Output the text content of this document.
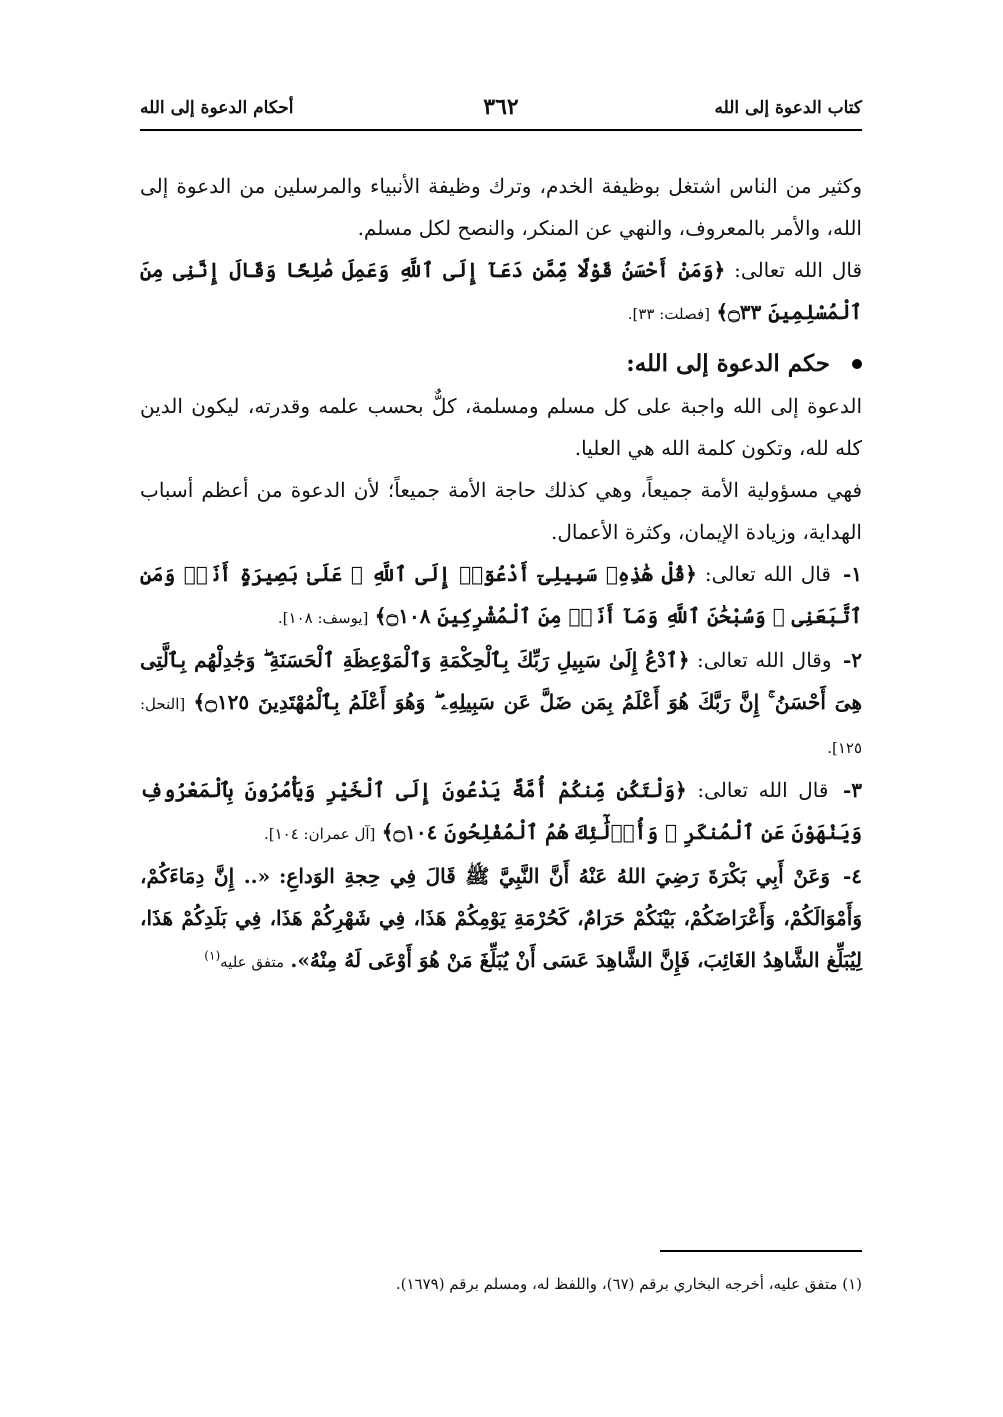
كتاب الدعوة إلى الله
٣٦٢
أحكام الدعوة إلى الله

وكثير من الناس اشتغل بوظيفة الخدم، وترك وظيفة الأنبياء والمرسلين من الدعوة إلى الله، والأمر بالمعروف، والنهي عن المنكر، والنصح لكل مسلم.

قال الله تعالى: ﴿وَمَنْ أَحْسَنُ قَوْلًا مِّمَّن دَعَآ إِلَى ٱللَّهِ وَعَمِلَ صَٰلِحًا وَقَالَ إِنَّنِى مِنَ ٱلْمُسْلِمِينَ ۝٣٣﴾ [فصلت: ٣٣].

حكم الدعوة إلى الله:

الدعوة إلى الله واجبة على كل مسلم ومسلمة، كلٌّ بحسب علمه وقدرته، ليكون الدين كله لله، وتكون كلمة الله هي العليا.

فهي مسؤولية الأمة جميعاً، وهي كذلك حاجة الأمة جميعاً؛ لأن الدعوة من أعظم أسباب الهداية، وزيادة الإيمان، وكثرة الأعمال.

١- قال الله تعالى: ﴿قُلْ هَٰذِهِۦ سَبِيلِىٓ أَدْعُوٓا۟ إِلَى ٱللَّهِ ۚ عَلَىٰ بَصِيرَةٍ أَنَا۠ وَمَنِ ٱتَّبَعَنِى ۖ وَسُبْحَٰنَ ٱللَّهِ وَمَآ أَنَا۠ مِنَ ٱلْمُشْرِكِينَ ۝١٠٨﴾ [يوسف: ١٠٨].

٢- وقال الله تعالى: ﴿ٱدْعُ إِلَىٰ سَبِيلِ رَبِّكَ بِٱلْحِكْمَةِ وَٱلْمَوْعِظَةِ ٱلْحَسَنَةِ ۖ وَجَٰدِلْهُم بِٱلَّتِى هِىَ أَحْسَنُ ۚ إِنَّ رَبَّكَ هُوَ أَعْلَمُ بِمَن ضَلَّ عَن سَبِيلِهِۦ ۖ وَهُوَ أَعْلَمُ بِٱلْمُهْتَدِينَ ۝١٢٥﴾ [النحل: ١٢٥].

٣- قال الله تعالى: ﴿وَلْتَكُن مِّنكُمْ أُمَّةٌ يَدْعُونَ إِلَى ٱلْخَيْرِ وَيَأْمُرُونَ بِٱلْمَعْرُوفِ وَيَنْهَوْنَ عَنِ ٱلْمُنكَرِ ۚ وَأُو۟لَٰٓئِكَ هُمُ ٱلْمُفْلِحُونَ ۝١٠٤﴾ [آل عمران: ١٠٤].

٤- وَعَنْ أَبِي بَكْرَةَ رَضِيَ اللهُ عَنْهُ أَنَّ النَّبِيَّ ﷺ قَالَ فِي حِجةِ الوَداعِ: «.. إِنَّ دِمَاءَكُمْ، وَأَمْوَالَكُمْ، وَأَعْرَاضَكُمْ، بَيْنَكُمْ حَرَامٌ، كَحُرْمَةِ يَوْمِكُمْ هَذَا، فِي شَهْرِكُمْ هَذَا، فِي بَلَدِكُمْ هَذَا، لِيُبَلِّغ الشَّاهِدُ الغَائِبَ، فَإِنَّ الشَّاهِدَ عَسَى أَنْ يُبَلِّغَ مَنْ هُوَ أَوْعَى لَهُ مِنْهُ». متفق عليه$^{(١)}$

(١) متفق عليه، أخرجه البخاري برقم (٦٧)، واللفظ له، ومسلم برقم (١٦٧٩).
